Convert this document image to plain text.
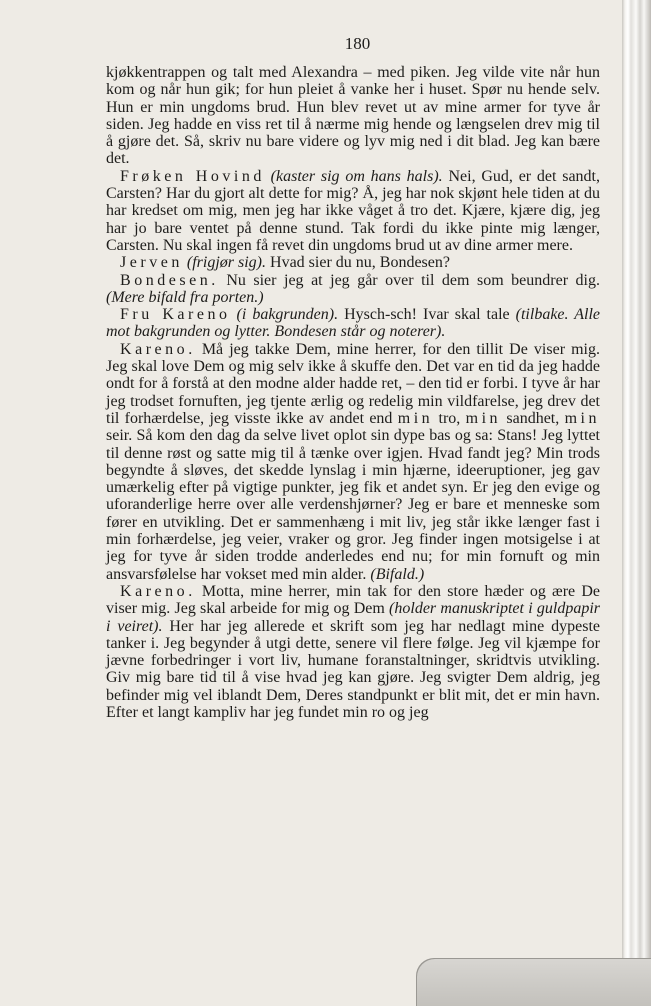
180

kjøkkentrappen og talt med Alexandra – med piken. Jeg vilde vite når hun kom og når hun gik; for hun pleiet å vanke her i huset. Spør nu hende selv. Hun er min ungdoms brud. Hun blev revet ut av mine armer for tyve år siden. Jeg hadde en viss ret til å nærme mig hende og længselen drev mig til å gjøre det. Så, skriv nu bare videre og lyv mig ned i dit blad. Jeg kan bære det.

Frøken Hovind (kaster sig om hans hals). Nei, Gud, er det sandt, Carsten? Har du gjort alt dette for mig? Å, jeg har nok skjønt hele tiden at du har kredset om mig, men jeg har ikke våget å tro det. Kjære, kjære dig, jeg har jo bare ventet på denne stund. Tak fordi du ikke pinte mig længer, Carsten. Nu skal ingen få revet din ungdoms brud ut av dine armer mere.

Jerven (frigjør sig). Hvad sier du nu, Bondesen?

Bondesen. Nu sier jeg at jeg går over til dem som beundrer dig. (Mere bifald fra porten.)

Fru Kareno (i bakgrunden). Hysch-sch! Ivar skal tale (tilbake. Alle mot bakgrunden og lytter. Bondesen står og noterer).

Kareno. Må jeg takke Dem, mine herrer, for den tillit De viser mig. Jeg skal love Dem og mig selv ikke å skuffe den. Det var en tid da jeg hadde ondt for å forstå at den modne alder hadde ret, – den tid er forbi. I tyve år har jeg trodset fornuften, jeg tjente ærlig og redelig min vildfarelse, jeg drev det til forhærdelse, jeg visste ikke av andet end min tro, min sandhet, min seir. Så kom den dag da selve livet oplot sin dype bas og sa: Stans! Jeg lyttet til denne røst og satte mig til å tænke over igjen. Hvad fandt jeg? Min trods begyndte å sløves, det skedde lynslag i min hjærne, ideeruptioner, jeg gav umærkelig efter på vigtige punkter, jeg fik et andet syn. Er jeg den evige og uforanderlige herre over alle verdenshjørner? Jeg er bare et menneske som fører en utvikling. Det er sammenhæng i mit liv, jeg står ikke længer fast i min forhærdelse, jeg veier, vraker og gror. Jeg finder ingen motsigelse i at jeg for tyve år siden trodde anderledes end nu; for min fornuft og min ansvarsfølelse har vokset med min alder. (Bifald.)

Kareno. Motta, mine herrer, min tak for den store hæder og ære De viser mig. Jeg skal arbeide for mig og Dem (holder manuskriptet i guldpapir i veiret). Her har jeg allerede et skrift som jeg har nedlagt mine dypeste tanker i. Jeg begynder å utgi dette, senere vil flere følge. Jeg vil kjæmpe for jævne forbedringer i vort liv, humane foranstaltninger, skridtvis utvikling. Giv mig bare tid til å vise hvad jeg kan gjøre. Jeg svigter Dem aldrig, jeg befinder mig vel iblandt Dem, Deres standpunkt er blit mit, det er min havn. Efter et langt kampliv har jeg fundet min ro og jeg
